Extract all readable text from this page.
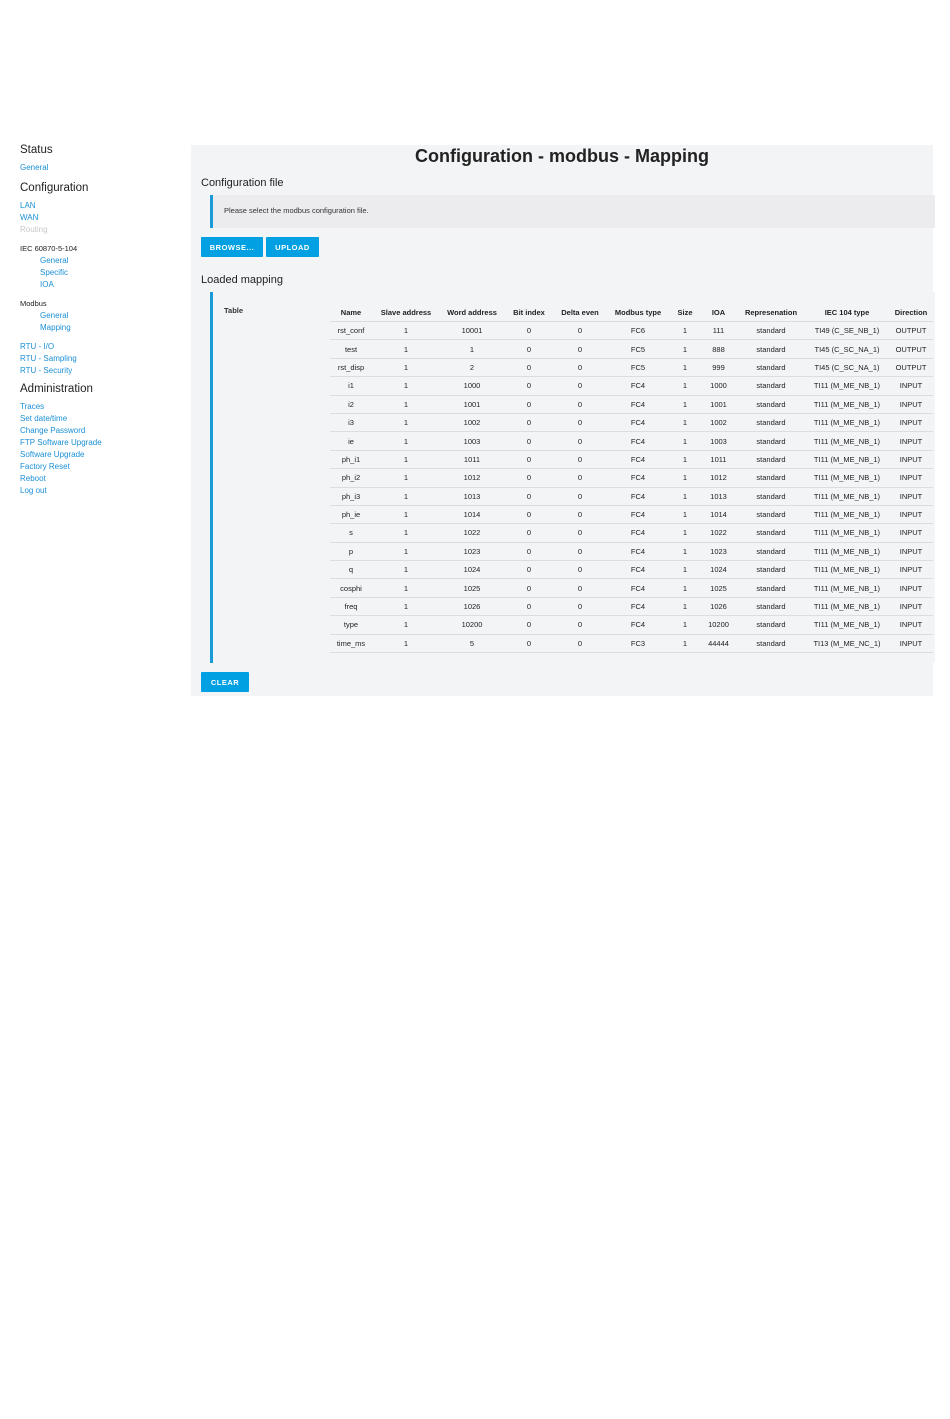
Status
General
Configuration
LAN
WAN
Routing
IEC 60870-5-104
General
Specific
IOA
Modbus
General
Mapping
RTU - I/O
RTU - Sampling
RTU - Security
Administration
Traces
Set date/time
Change Password
FTP Software Upgrade
Software Upgrade
Factory Reset
Reboot
Log out
Configuration - modbus - Mapping
Configuration file
Please select the modbus configuration file.
BROWSE...	UPLOAD
Loaded mapping
Table	Name	Slave address	Word address	Bit index	Delta even	Modbus type	Size	IOA	Represenation	IEC 104 type	Direction
rst_conf	1	10001	0	0	FC6	1	111	standard	TI49 (C_SE_NB_1)	OUTPUT
test	1	1	0	0	FC5	1	888	standard	TI45 (C_SC_NA_1)	OUTPUT
rst_disp	1	2	0	0	FC5	1	999	standard	TI45 (C_SC_NA_1)	OUTPUT
i1	1	1000	0	0	FC4	1	1000	standard	TI11 (M_ME_NB_1)	INPUT
i2	1	1001	0	0	FC4	1	1001	standard	TI11 (M_ME_NB_1)	INPUT
i3	1	1002	0	0	FC4	1	1002	standard	TI11 (M_ME_NB_1)	INPUT
ie	1	1003	0	0	FC4	1	1003	standard	TI11 (M_ME_NB_1)	INPUT
ph_i1	1	1011	0	0	FC4	1	1011	standard	TI11 (M_ME_NB_1)	INPUT
ph_i2	1	1012	0	0	FC4	1	1012	standard	TI11 (M_ME_NB_1)	INPUT
ph_i3	1	1013	0	0	FC4	1	1013	standard	TI11 (M_ME_NB_1)	INPUT
ph_ie	1	1014	0	0	FC4	1	1014	standard	TI11 (M_ME_NB_1)	INPUT
s	1	1022	0	0	FC4	1	1022	standard	TI11 (M_ME_NB_1)	INPUT
p	1	1023	0	0	FC4	1	1023	standard	TI11 (M_ME_NB_1)	INPUT
q	1	1024	0	0	FC4	1	1024	standard	TI11 (M_ME_NB_1)	INPUT
cosphi	1	1025	0	0	FC4	1	1025	standard	TI11 (M_ME_NB_1)	INPUT
freq	1	1026	0	0	FC4	1	1026	standard	TI11 (M_ME_NB_1)	INPUT
type	1	10200	0	0	FC4	1	10200	standard	TI11 (M_ME_NB_1)	INPUT
time_ms	1	5	0	0	FC3	1	44444	standard	TI13 (M_ME_NC_1)	INPUT
CLEAR
